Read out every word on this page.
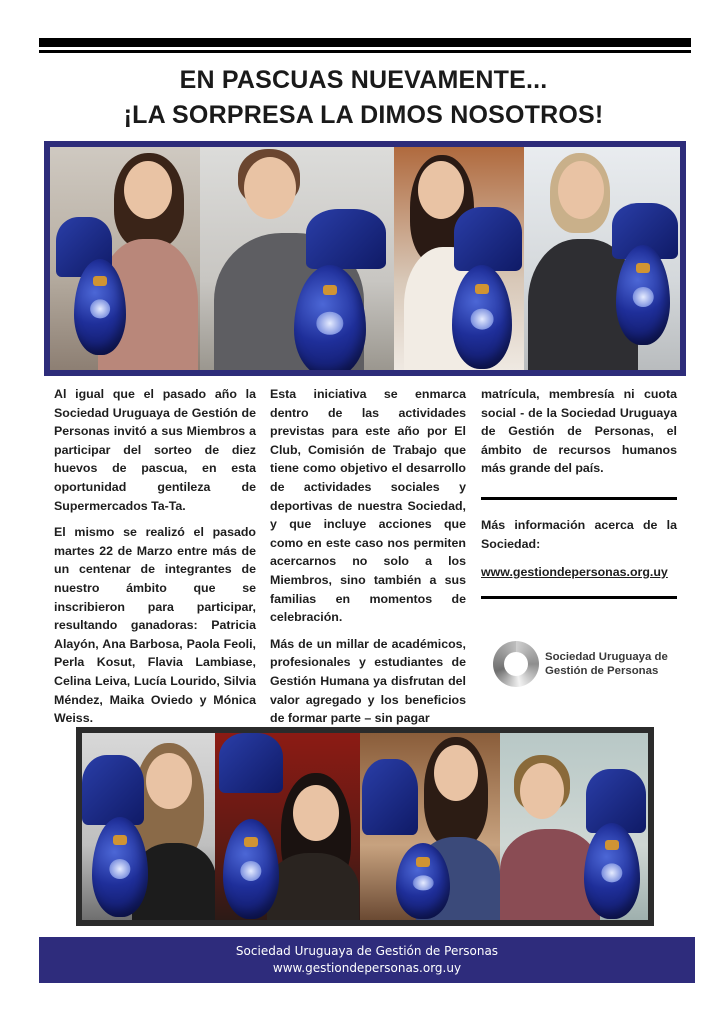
EN PASCUAS NUEVAMENTE...
¡LA SORPRESA LA DIMOS NOSOTROS!

Al igual que el pasado año la Sociedad Uruguaya de Gestión de Personas invitó a sus Miembros a participar del sorteo de diez huevos de pascua, en esta oportunidad gentileza de Supermercados Ta-Ta.

El mismo se realizó el pasado martes 22 de Marzo entre más de un centenar de integrantes de nuestro ámbito que se inscribieron para participar, resultando ganadoras: Patricia Alayón, Ana Barbosa, Paola Feoli, Perla Kosut, Flavia Lambiase, Celina Leiva, Lucía Lourido, Silvia Méndez, Maika Oviedo y Mónica Weiss.

Esta iniciativa se enmarca dentro de las actividades previstas para este año por El Club, Comisión de Trabajo que tiene como objetivo el desarrollo de actividades sociales y deportivas de nuestra Sociedad, y que incluye acciones que como en este caso nos permiten acercarnos no solo a los Miembros, sino también a sus familias en momentos de celebración.

Más de un millar de académicos, profesionales y estudiantes de Gestión Humana ya disfrutan del valor agregado y los beneficios de formar parte – sin pagar

matrícula, membresía ni cuota social - de la Sociedad Uruguaya de Gestión de Personas, el ámbito de recursos humanos más grande del país.

Más información acerca de la Sociedad:
www.gestiondepersonas.org.uy
Sociedad Uruguaya de
Gestión de Personas
Sociedad Uruguaya de Gestión de Personas
www.gestiondepersonas.org.uy
